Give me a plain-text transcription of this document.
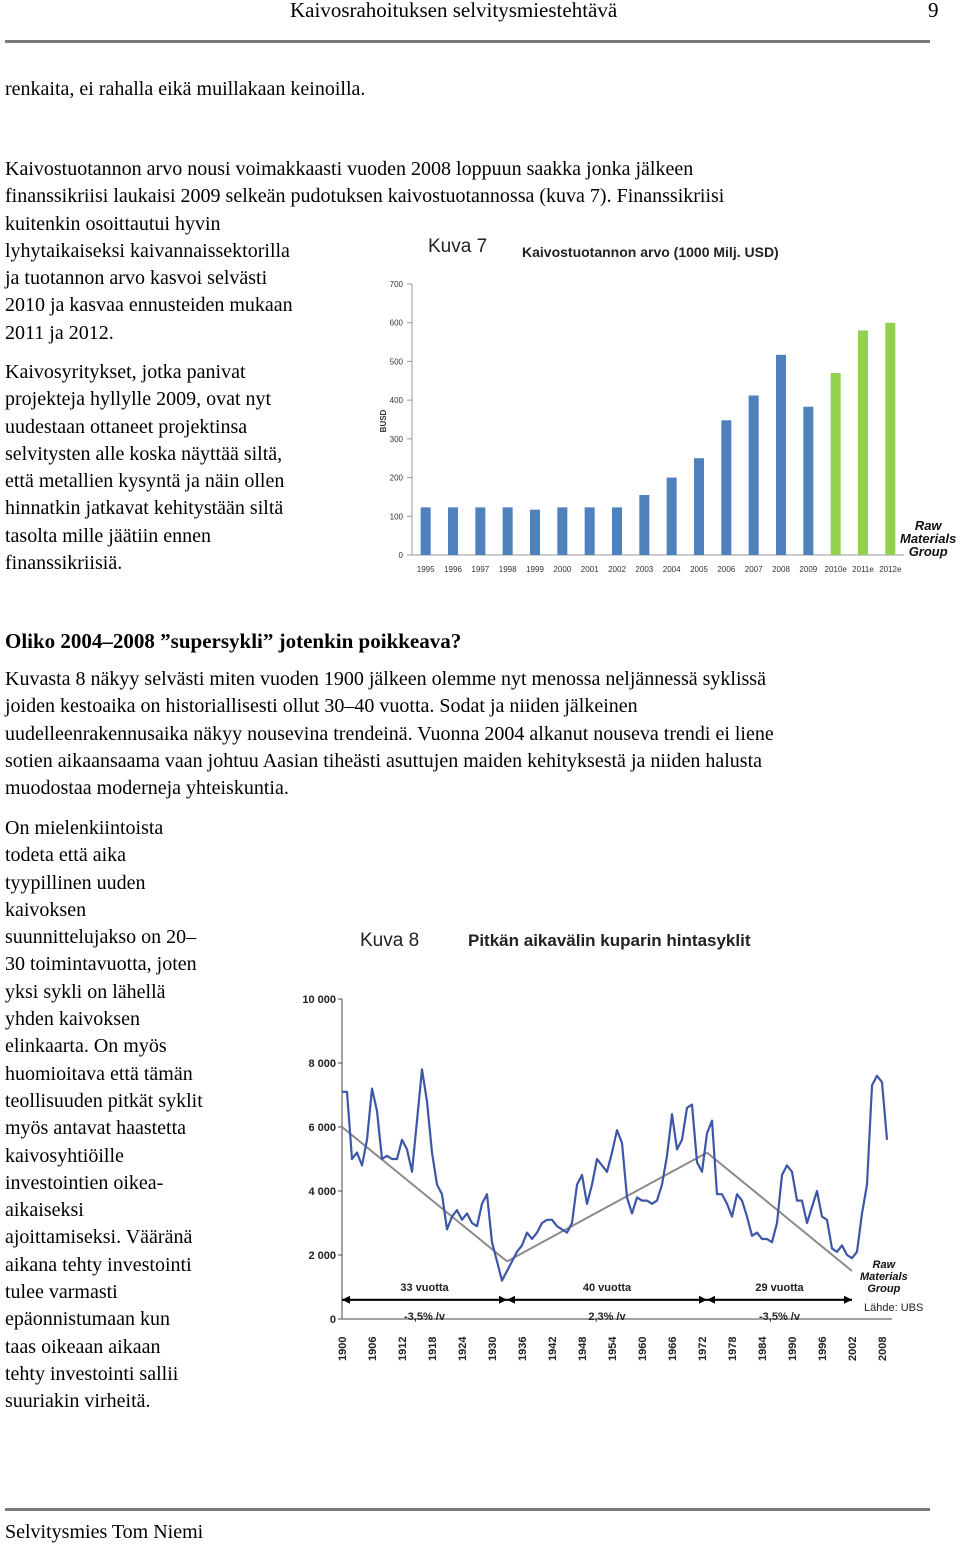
Kaivosrahoituksen selvitysmiestehtävä	9

renkaita, ei rahalla eikä muillakaan keinoilla.

Kaivostuotannon arvo nousi voimakkaasti vuoden 2008 loppuun saakka jonka jälkeen

finanssikriisi laukaisi 2009 selkeän pudotuksen kaivostuotannossa (kuva 7). Finanssikriisi

kuitenkin osoittautui hyvin

lyhytaikaiseksi kaivannaissektorilla

ja tuotannon arvo kasvoi selvästi

2010 ja kasvaa ennusteiden mukaan

2011 ja 2012.

Kaivosyritykset, jotka panivat

projekteja hyllylle 2009, ovat nyt

uudestaan ottaneet projektinsa

selvitysten alle koska näyttää siltä,

että metallien kysyntä ja näin ollen

hinnatkin jatkavat kehitystään siltä

tasolta mille jäätiin ennen

finanssikriisiä.

Kuva 7 Kaivostuotannon arvo (1000 Milj. USD)
BUSD
0
100
200
300
400
500
600
700
1995 1996 1997 1998 1999 2000 2001 2002 2003 2004 2005 2006 2007 2008 2009 2010e 2011e 2012e
Raw
Materials
Group
Oliko 2004–2008 ”supersykli” jotenkin poikkeava?

Kuvasta 8 näkyy selvästi miten vuoden 1900 jälkeen olemme nyt menossa neljännessä syklissä

joiden kestoaika on historiallisesti ollut 30–40 vuotta. Sodat ja niiden jälkeinen

uudelleenrakennusaika näkyy nousevina trendeinä. Vuonna 2004 alkanut nouseva trendi ei liene

sotien aikaansaama vaan johtuu Aasian tiheästi asuttujen maiden kehityksestä ja niiden halusta

muodostaa moderneja yhteiskuntia.

On mielenkiintoista

todeta että aika

tyypillinen uuden

kaivoksen

suunnittelujakso on 20–

30 toimintavuotta, joten

yksi sykli on lähellä

yhden kaivoksen

elinkaarta. On myös

huomioitava että tämän

teollisuuden pitkät syklit

myös antavat haastetta

kaivosyhtiöille

investointien oikea-

aikaiseksi

ajoittamiseksi. Vääränä

aikana tehty investointi

tulee varmasti

epäonnistumaan kun

taas oikeaan aikaan

tehty investointi sallii

suuriakin virheitä.

Kuva 8	Pitkän aikavälin kuparin hintasyklit
0
2 000
4 000
6 000
8 000
10 000
33 vuotta
-3,5% /v
40 vuotta
2,3% /v
29 vuotta
-3,5% /v
1900 1906 1912 1918 1924 1930 1936 1942 1948 1954 1960 1966 1972 1978 1984 1990 1996 2002 2008
Lähde: UBS
Raw
Materials
Group
Selvitysmies Tom Niemi
